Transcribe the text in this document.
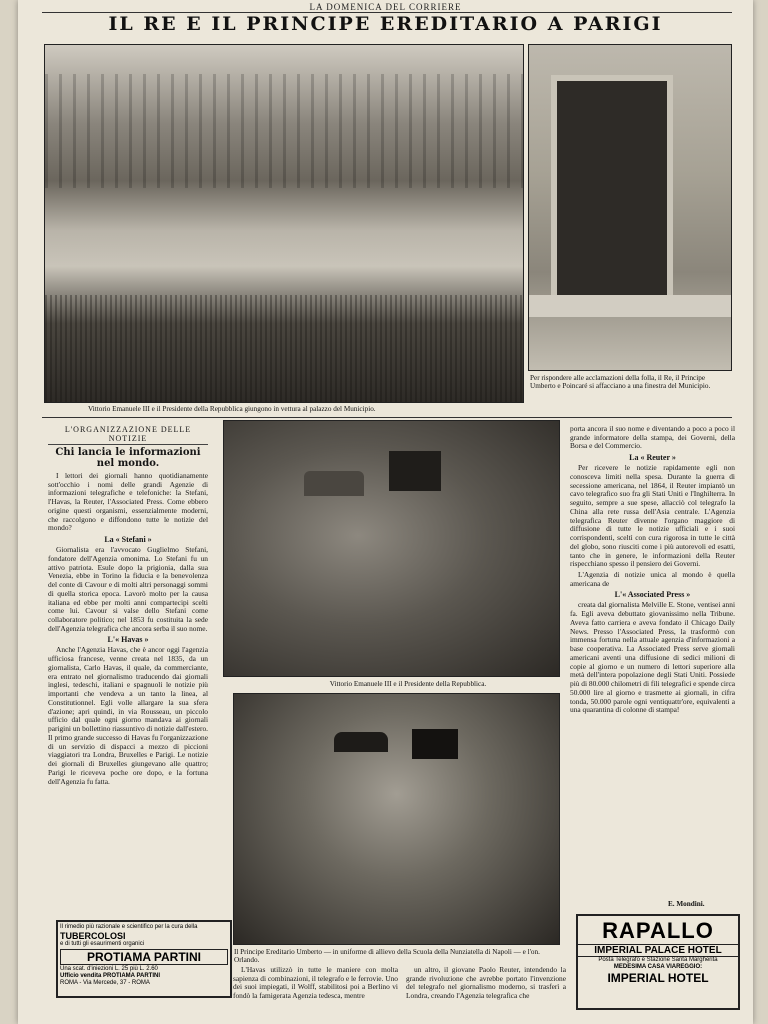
LA DOMENICA DEL CORRIERE
IL RE E IL PRINCIPE EREDITARIO A PARIGI
Vittorio Emanuele III e il Presidente della Repubblica giungono in vettura al palazzo del Municipio.
Per rispondere alle acclamazioni della folla, il Re, il Principe Umberto e Poincaré si affacciano a una finestra del Municipio.
L'ORGANIZZAZIONE DELLE NOTIZIE
Chi lancia le informazioni nel mondo.

I lettori dei giornali hanno quotidianamente sott'occhio i nomi delle grandi Agenzie di informazioni telegrafiche e telefoniche: la Stefani, l'Havas, la Reuter, l'Associated Press. Come ebbero origine questi organismi, essenzialmente moderni, che raccolgono e diffondono tutte le notizie del mondo?

La « Stefani »

Giornalista era l'avvocato Guglielmo Stefani, fondatore dell'Agenzia omonima. Lo Stefani fu un attivo patriota. Esule dopo la prigionia, dalla sua Venezia, ebbe in Torino la fiducia e la benevolenza del conte di Cavour e di molti altri personaggi sommi di quella storica epoca. Lavorò molto per la causa italiana ed ebbe per molti anni compartecipi scelti come lui. Cavour si valse dello Stefani come collaboratore politico; nel 1853 fu costituita la sede dell'Agenzia telegrafica che ancora serba il suo nome.

L'« Havas »

Anche l'Agenzia Havas, che è ancor oggi l'agenzia ufficiosa francese, venne creata nel 1835, da un giornalista, Carlo Havas, il quale, da commerciante, era entrato nel giornalismo traducendo dai giornali inglesi, tedeschi, italiani e spagnuoli le notizie più importanti che vendeva a un tanto la linea, al Constitutionnel. Egli volle allargare la sua sfera d'azione; apri quindi, in via Rousseau, un piccolo ufficio dal quale ogni giorno mandava ai giornali parigini un bollettino riassuntivo di notizie dall'estero. Il primo grande successo di Havas fu l'organizzazione di un servizio di dispacci a mezzo di piccioni viaggiatori tra Londra, Bruxelles e Parigi. Le notizie dei giornali di Bruxelles giungevano alle quattro; Parigi le riceveva poche ore dopo, e la fortuna dell'Agenzia fu fatta.

Vittorio Emanuele III e il Presidente della Repubblica.
Il Principe Ereditario Umberto — in uniforme di allievo della Scuola della Nunziatella di Napoli — e l'on. Orlando.

porta ancora il suo nome e diventando a poco a poco il grande informatore della stampa, dei Governi, della Borsa e del Commercio.

La « Reuter »

Per ricevere le notizie rapidamente egli non conosceva limiti nella spesa. Durante la guerra di secessione americana, nel 1864, il Reuter impiantò un cavo telegrafico suo fra gli Stati Uniti e l'Inghilterra. In seguito, sempre a sue spese, allacciò col telegrafo la China alla rete russa dell'Asia centrale. L'Agenzia telegrafica Reuter divenne l'organo maggiore di diffusione di tutte le notizie ufficiali e i suoi corrispondenti, sceltì con cura rigorosa in tutte le città del globo, sono riusciti come i più autorevoli ed esatti, tanto che in genere, le informazioni della Reuter rispecchiano spesso il pensiero dei Governi.

L'Agenzia di notizie unica al mondo è quella americana de

L'« Associated Press »

creata dal giornalista Melville E. Stone, ventisei anni fa. Egli aveva debuttato giovanissimo nella Tribune. Aveva fatto carriera e aveva fondato il Chicago Daily News. Presso l'Associated Press, la trasformò con immensa fortuna nella attuale agenzia d'informazioni a base cooperativa. La Associated Press serve giornali americani aventi una diffusione di sedici milioni di copie al giorno e un numero di lettori superiore alla metà dell'intera popolazione degli Stati Uniti. Possiede più di 80.000 chilometri di fili telegrafici e spende circa 50.000 lire al giorno e trasmette ai giornali, in cifra tonda, 50.000 parole ogni ventiquattr'ore, equivalenti a una quarantina di colonne di stampa!

E. Mondini.
Il rimedio più razionale e scientifico per la cura della
TUBERCOLOSI
e di tutti gli esaurimenti organici
PROTIAMA PARTINI
Una scat. d'iniezioni L. 25 più L. 2.60
Ufficio vendita PROTIAMA PARTINI
ROMA - Via Mercede, 37 - ROMA

L'Havas utilizzò in tutte le maniere con molta sapienza di combinazioni, il telegrafo e le ferrovie. Uno dei suoi impiegati, il Wolff, stabilitosi poi a Berlino vi fondò la famigerata Agenzia tedesca, mentre

un altro, il giovane Paolo Reuter, intendendo la grande rivoluzione che avrebbe portato l'invenzione del telegrafo nel giornalismo moderno, si trasferì a Londra, creando l'Agenzia telegrafica che

RAPALLO
IMPERIAL PALACE HOTEL
Posta Telegrafo e Stazione Santa Margherita
MEDESIMA CASA VIAREGGIO:
IMPERIAL HOTEL
